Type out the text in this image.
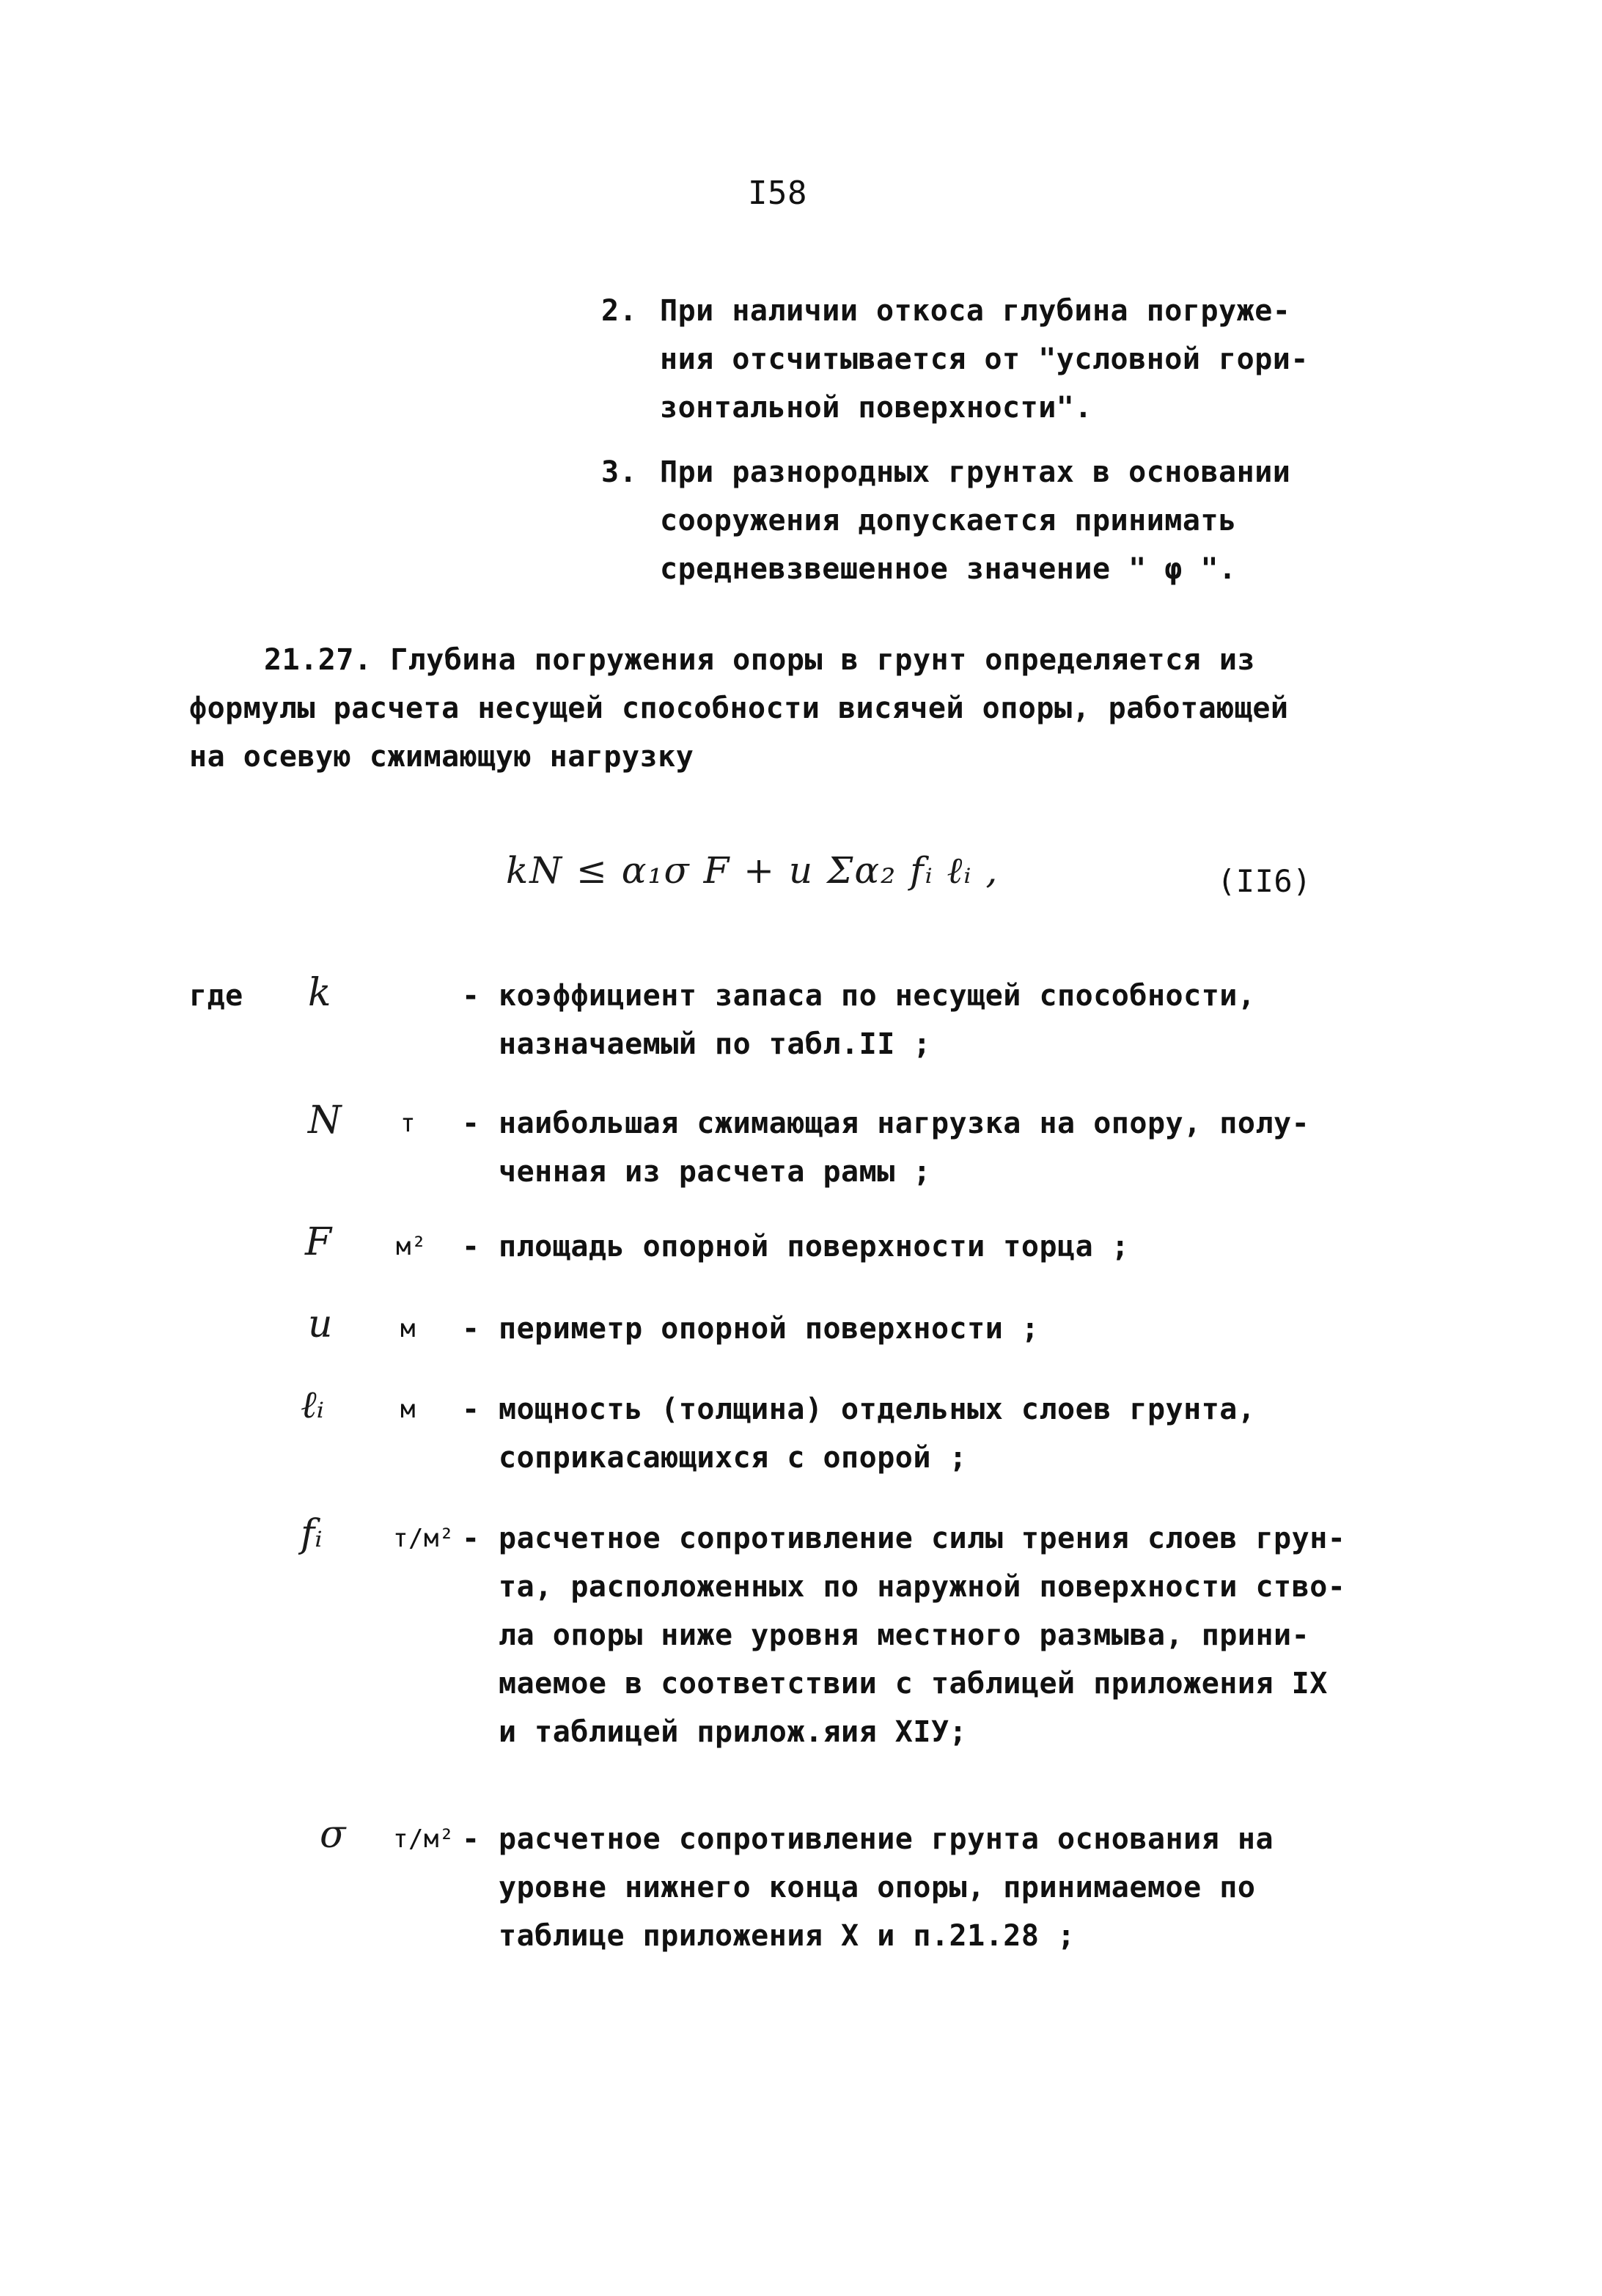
I58
2. При наличии откоса глубина погруже-
ния отсчитывается от "условной гори-
зонтальной поверхности".
3. При разнородных грунтах в основании
сооружения допускается принимать
средневзвешенное значение " φ ".
21.27. Глубина погружения опоры в грунт определяется из
формулы расчета несущей способности висячей опоры, работающей
на осевую сжимающую нагрузку
kN ≤ α₁σ F + u Σα₂ fᵢ ℓᵢ ,	(II6)
где k	- коэффициент запаса по несущей способности,
назначаемый по табл.II ;
N т - наибольшая сжимающая нагрузка на опору, полу-
ченная из расчета рамы ;
F	м² - площадь опорной поверхности торца ;
u	м - периметр опорной поверхности ;
ℓᵢ	м - мощность (толщина) отдельных слоев грунта,
соприкасающихся с опорой ;
fᵢ	т/м² - расчетное сопротивление силы трения слоев грун-
та, расположенных по наружной поверхности ство-
ла опоры ниже уровня местного размыва, прини-
маемое в соответствии с таблицей приложения IX
и таблицей прилож.яия XIУ;
σ т/м² - расчетное сопротивление грунта основания на
уровне нижнего конца опоры, принимаемое по
таблице приложения X и п.21.28 ;
